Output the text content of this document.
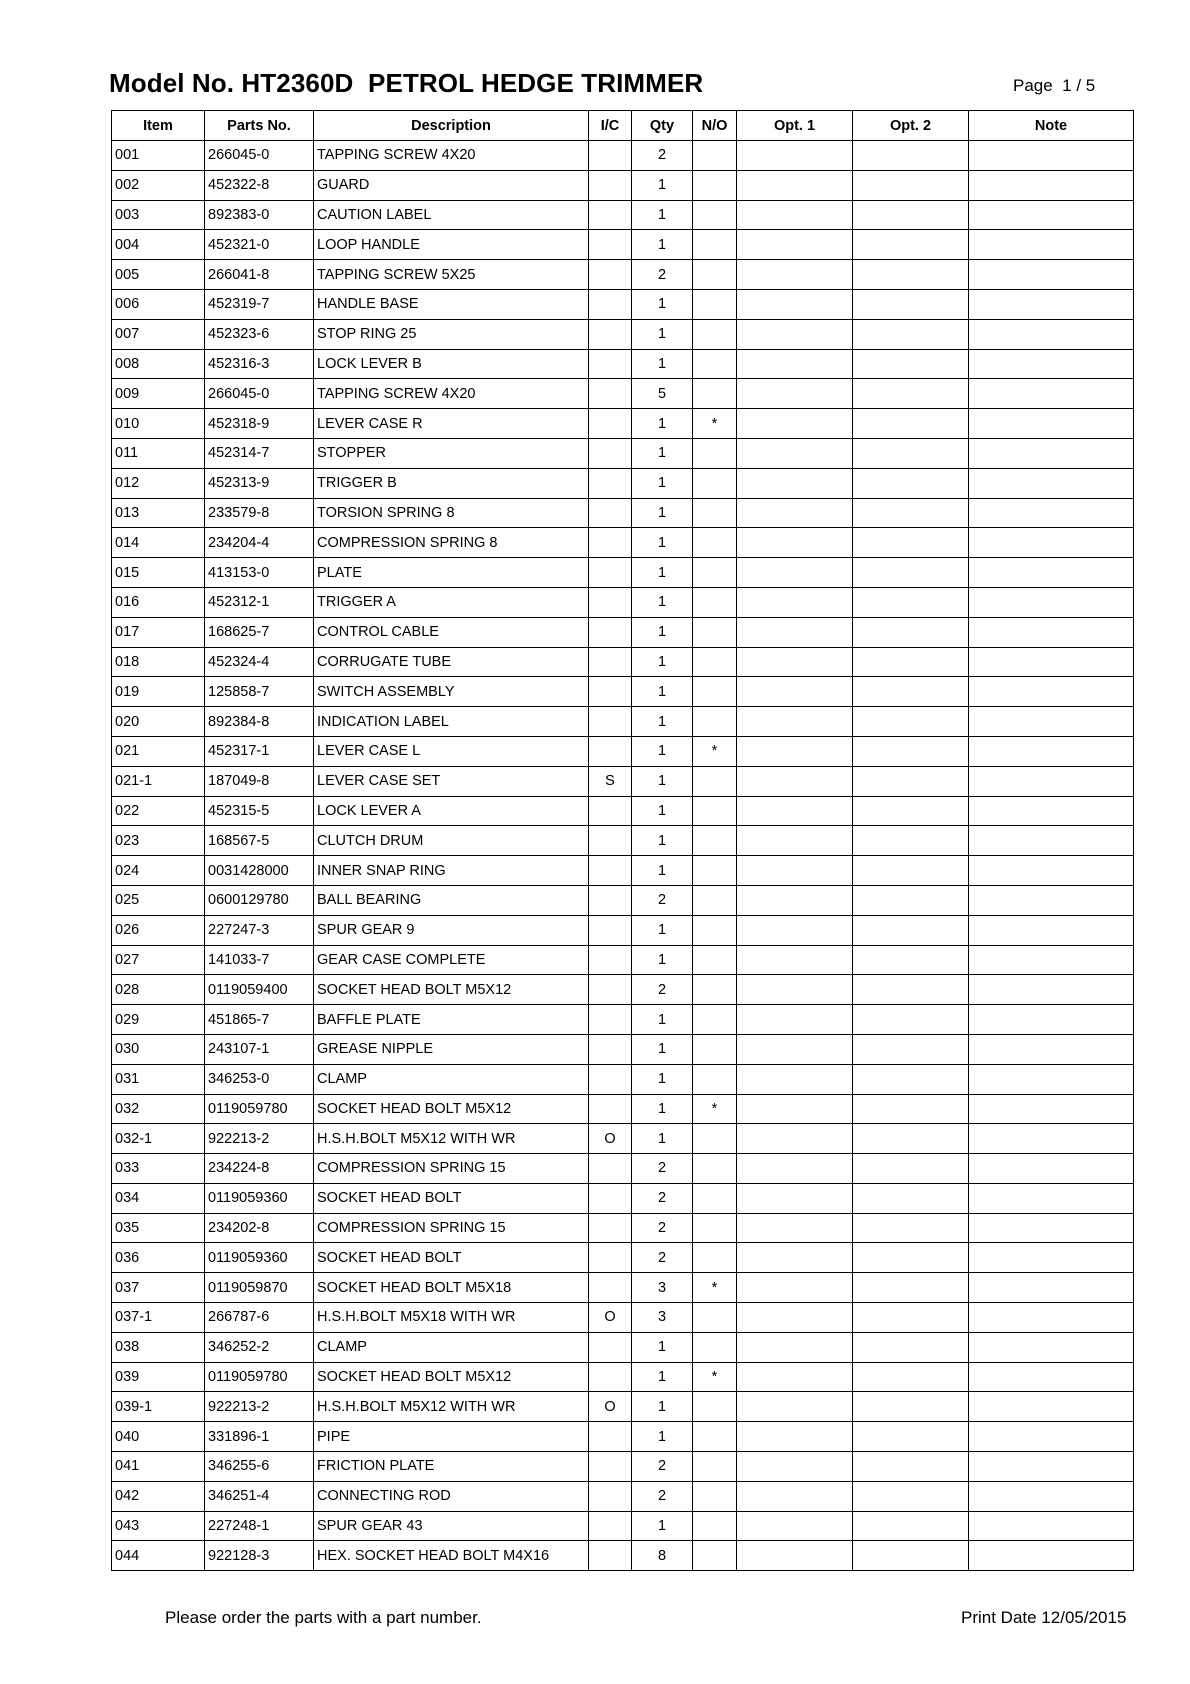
Model No. HT2360D  PETROL HEDGE TRIMMER	Page  1 / 5
Item	Parts No.	Description	I/C	Qty	N/O	Opt. 1	Opt. 2	Note
001	266045-0	TAPPING SCREW 4X20		2				
002	452322-8	GUARD		1				
003	892383-0	CAUTION LABEL		1				
004	452321-0	LOOP HANDLE		1				
005	266041-8	TAPPING SCREW 5X25		2				
006	452319-7	HANDLE BASE		1				
007	452323-6	STOP RING 25		1				
008	452316-3	LOCK LEVER B		1				
009	266045-0	TAPPING SCREW 4X20		5				
010	452318-9	LEVER CASE R		1	*			
011	452314-7	STOPPER		1				
012	452313-9	TRIGGER B		1				
013	233579-8	TORSION SPRING 8		1				
014	234204-4	COMPRESSION SPRING 8		1				
015	413153-0	PLATE		1				
016	452312-1	TRIGGER A		1				
017	168625-7	CONTROL CABLE		1				
018	452324-4	CORRUGATE TUBE		1				
019	125858-7	SWITCH ASSEMBLY		1				
020	892384-8	INDICATION LABEL		1				
021	452317-1	LEVER CASE L		1	*			
021-1	187049-8	LEVER CASE SET	S	1				
022	452315-5	LOCK LEVER A		1				
023	168567-5	CLUTCH DRUM		1				
024	0031428000	INNER SNAP RING		1				
025	0600129780	BALL BEARING		2				
026	227247-3	SPUR GEAR 9		1				
027	141033-7	GEAR CASE COMPLETE		1				
028	0119059400	SOCKET HEAD BOLT M5X12		2				
029	451865-7	BAFFLE PLATE		1				
030	243107-1	GREASE NIPPLE		1				
031	346253-0	CLAMP		1				
032	0119059780	SOCKET HEAD BOLT M5X12		1	*			
032-1	922213-2	H.S.H.BOLT M5X12 WITH WR	O	1				
033	234224-8	COMPRESSION SPRING 15		2				
034	0119059360	SOCKET HEAD BOLT		2				
035	234202-8	COMPRESSION SPRING 15		2				
036	0119059360	SOCKET HEAD BOLT		2				
037	0119059870	SOCKET HEAD BOLT M5X18		3	*			
037-1	266787-6	H.S.H.BOLT M5X18 WITH WR	O	3				
038	346252-2	CLAMP		1				
039	0119059780	SOCKET HEAD BOLT M5X12		1	*			
039-1	922213-2	H.S.H.BOLT M5X12 WITH WR	O	1				
040	331896-1	PIPE		1				
041	346255-6	FRICTION PLATE		2				
042	346251-4	CONNECTING ROD		2				
043	227248-1	SPUR GEAR 43		1				
044	922128-3	HEX. SOCKET HEAD BOLT M4X16		8				
Please order the parts with a part number.	Print Date 12/05/2015
